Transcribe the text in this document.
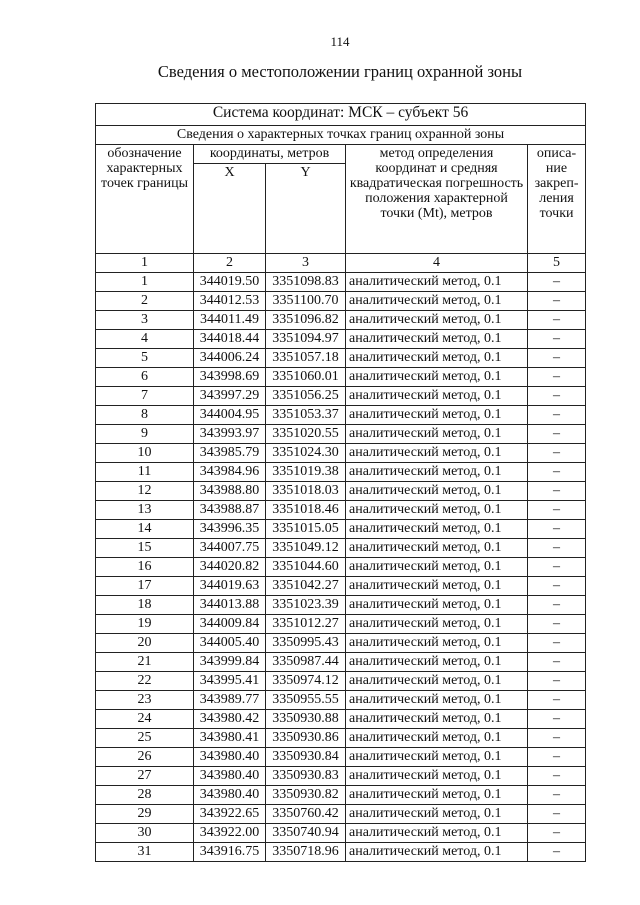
114
Сведения о местоположении границ охранной зоны
Система координат: МСК – субъект 56				
Сведения о характерных точках границ охранной зоны				
обозначение характерных точек границы	координаты, метров		метод определения координат и средняя квадратическая погрешность положения характерной точки (Mt), метров	описа-ние закреп-ления точки
	X	Y		
1	2	3	4	5
1	344019.50	3351098.83	аналитический метод, 0.1	–
2	344012.53	3351100.70	аналитический метод, 0.1	–
3	344011.49	3351096.82	аналитический метод, 0.1	–
4	344018.44	3351094.97	аналитический метод, 0.1	–
5	344006.24	3351057.18	аналитический метод, 0.1	–
6	343998.69	3351060.01	аналитический метод, 0.1	–
7	343997.29	3351056.25	аналитический метод, 0.1	–
8	344004.95	3351053.37	аналитический метод, 0.1	–
9	343993.97	3351020.55	аналитический метод, 0.1	–
10	343985.79	3351024.30	аналитический метод, 0.1	–
11	343984.96	3351019.38	аналитический метод, 0.1	–
12	343988.80	3351018.03	аналитический метод, 0.1	–
13	343988.87	3351018.46	аналитический метод, 0.1	–
14	343996.35	3351015.05	аналитический метод, 0.1	–
15	344007.75	3351049.12	аналитический метод, 0.1	–
16	344020.82	3351044.60	аналитический метод, 0.1	–
17	344019.63	3351042.27	аналитический метод, 0.1	–
18	344013.88	3351023.39	аналитический метод, 0.1	–
19	344009.84	3351012.27	аналитический метод, 0.1	–
20	344005.40	3350995.43	аналитический метод, 0.1	–
21	343999.84	3350987.44	аналитический метод, 0.1	–
22	343995.41	3350974.12	аналитический метод, 0.1	–
23	343989.77	3350955.55	аналитический метод, 0.1	–
24	343980.42	3350930.88	аналитический метод, 0.1	–
25	343980.41	3350930.86	аналитический метод, 0.1	–
26	343980.40	3350930.84	аналитический метод, 0.1	–
27	343980.40	3350930.83	аналитический метод, 0.1	–
28	343980.40	3350930.82	аналитический метод, 0.1	–
29	343922.65	3350760.42	аналитический метод, 0.1	–
30	343922.00	3350740.94	аналитический метод, 0.1	–
31	343916.75	3350718.96	аналитический метод, 0.1	–
